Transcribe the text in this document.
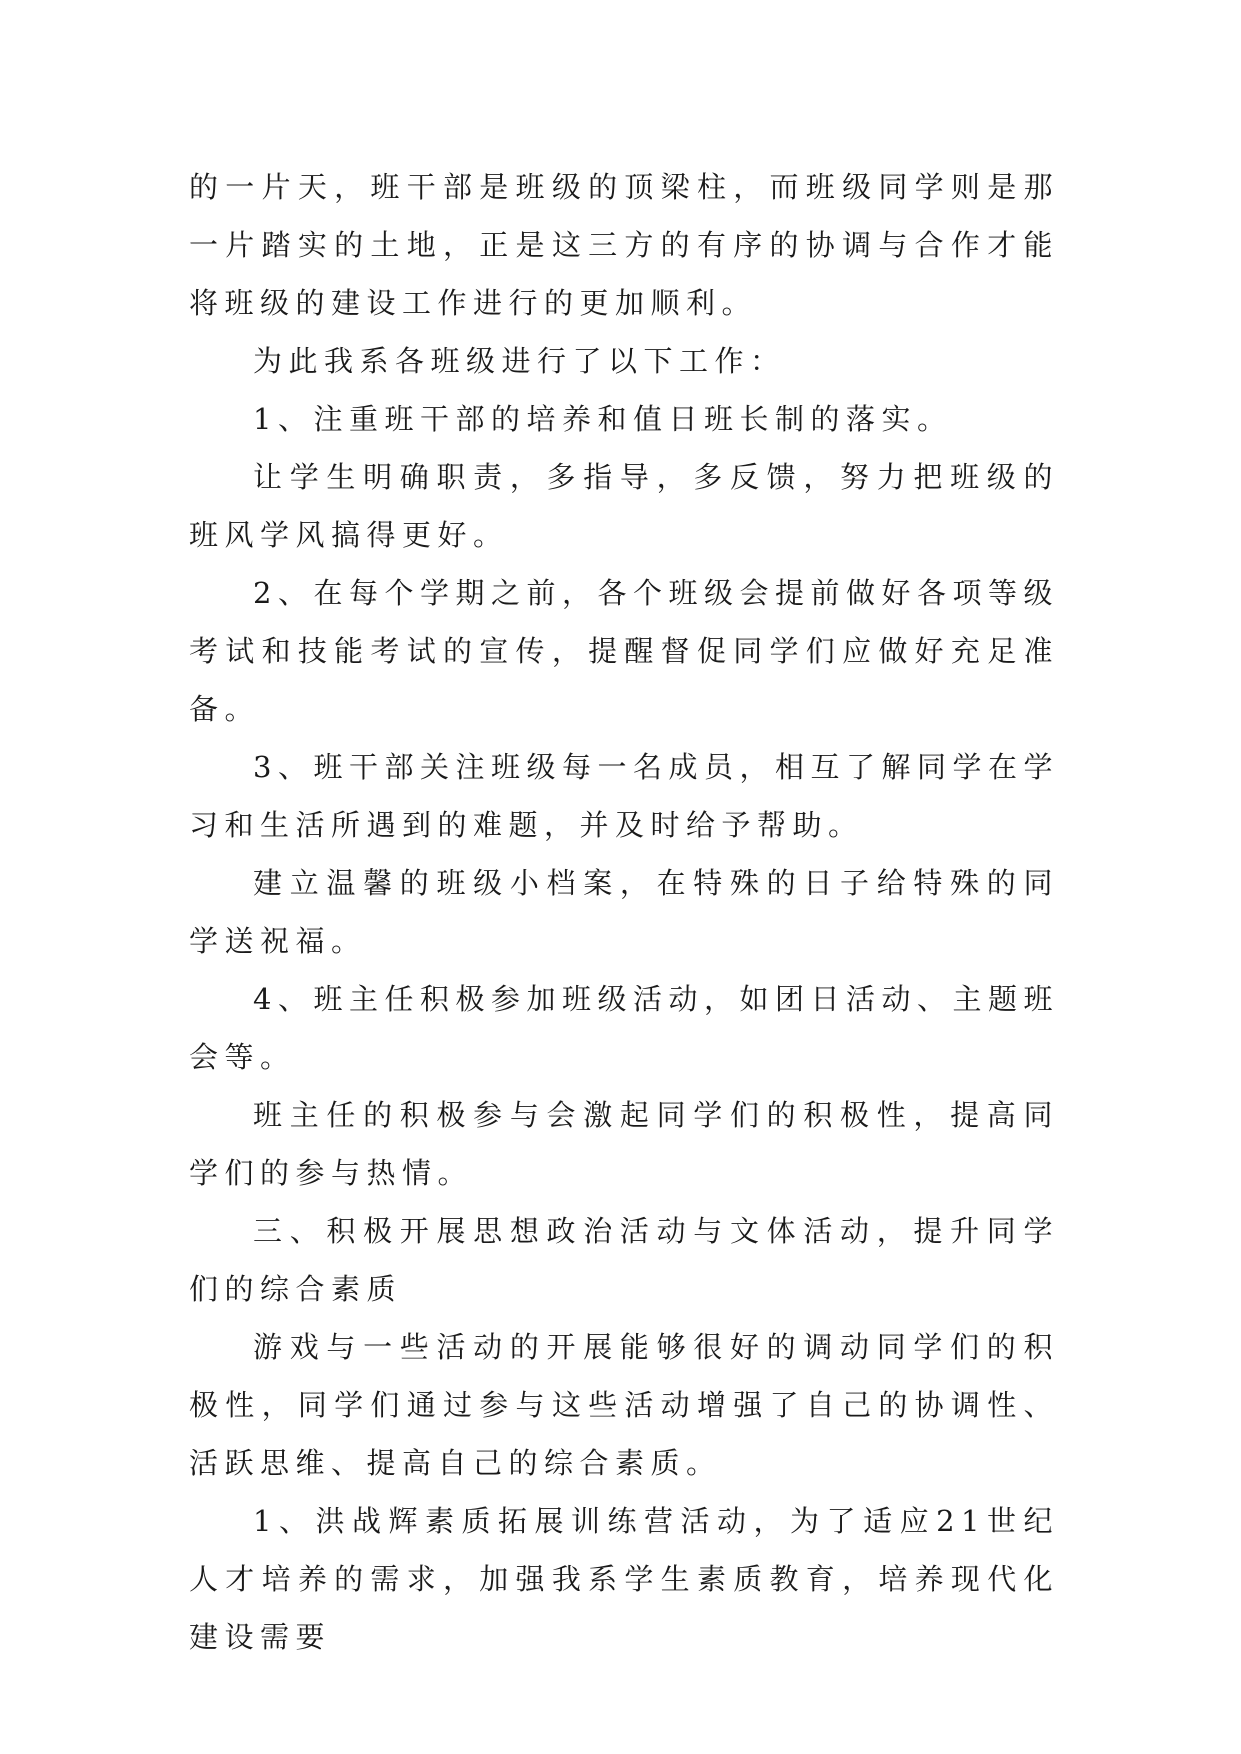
的一片天，班干部是班级的顶梁柱，而班级同学则是那一片踏实的土地，正是这三方的有序的协调与合作才能将班级的建设工作进行的更加顺利。

为此我系各班级进行了以下工作：

1、注重班干部的培养和值日班长制的落实。

让学生明确职责，多指导，多反馈，努力把班级的班风学风搞得更好。

2、在每个学期之前，各个班级会提前做好各项等级考试和技能考试的宣传，提醒督促同学们应做好充足准备。

3、班干部关注班级每一名成员，相互了解同学在学习和生活所遇到的难题，并及时给予帮助。

建立温馨的班级小档案，在特殊的日子给特殊的同学送祝福。

4、班主任积极参加班级活动，如团日活动、主题班会等。

班主任的积极参与会激起同学们的积极性，提高同学们的参与热情。

三、积极开展思想政治活动与文体活动，提升同学们的综合素质

游戏与一些活动的开展能够很好的调动同学们的积极性，同学们通过参与这些活动增强了自己的协调性、活跃思维、提高自己的综合素质。

1、洪战辉素质拓展训练营活动，为了适应21世纪人才培养的需求，加强我系学生素质教育，培养现代化建设需要
